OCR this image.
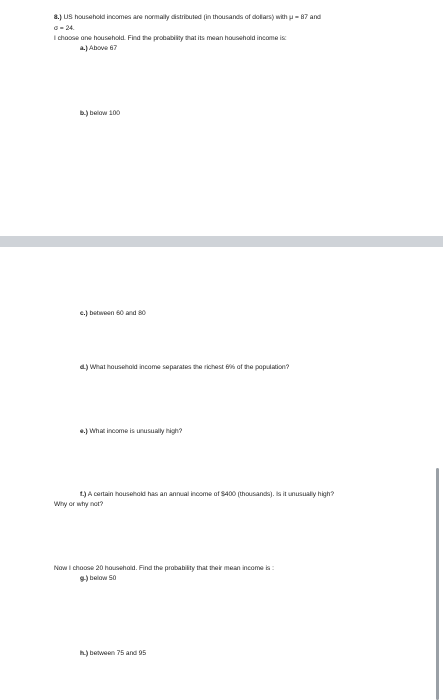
8.) US household incomes are normally distributed (in thousands of dollars) with μ = 87 and
σ = 24.
I choose one household. Find the probability that its mean household income is:
a.) Above 67
b.) below 100
c.) between 60 and 80
d.) What household income separates the richest 6% of the population?
e.) What income is unusually high?
f.) A certain household has an annual income of $400 (thousands). Is it unusually high?
Why or why not?
Now I choose 20 household. Find the probability that their mean income is :
g.) below 50
h.) between 75 and 95
